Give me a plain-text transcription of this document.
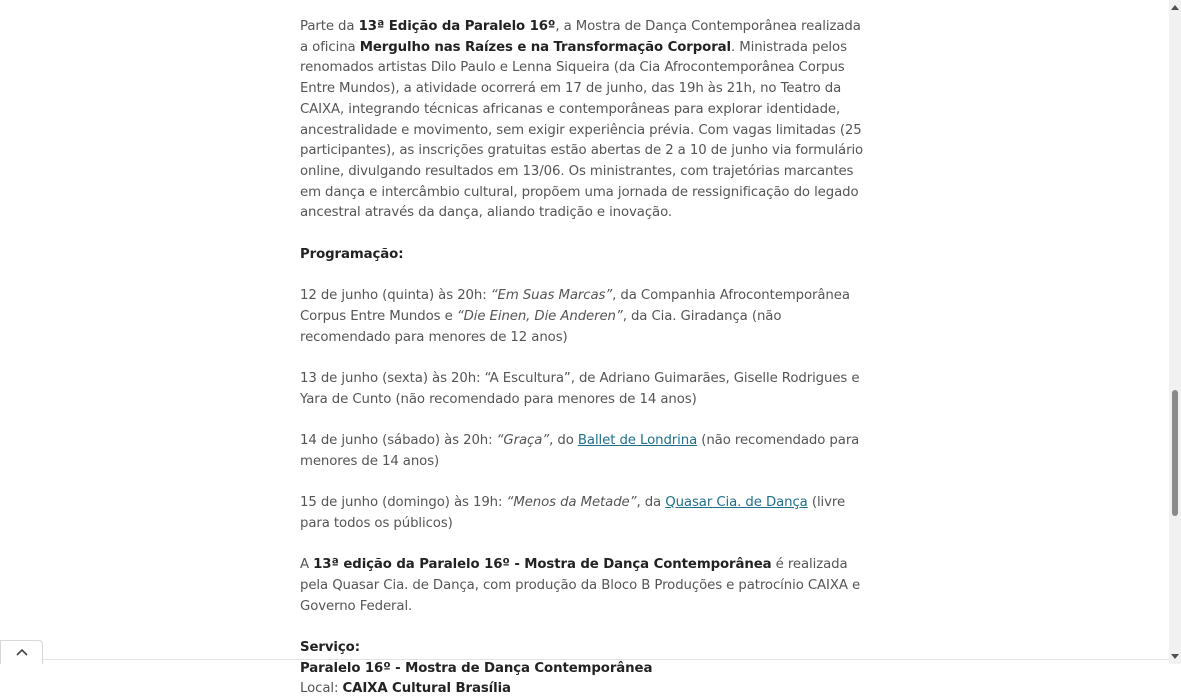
Parte da 13ª Edição da Paralelo 16º, a Mostra de Dança Contemporânea realizada a oficina Mergulho nas Raízes e na Transformação Corporal. Ministrada pelos renomados artistas Dilo Paulo e Lenna Siqueira (da Cia Afrocontemporânea Corpus Entre Mundos), a atividade ocorrerá em 17 de junho, das 19h às 21h, no Teatro da CAIXA, integrando técnicas africanas e contemporâneas para explorar identidade, ancestralidade e movimento, sem exigir experiência prévia. Com vagas limitadas (25 participantes), as inscrições gratuitas estão abertas de 2 a 10 de junho via formulário online, divulgando resultados em 13/06. Os ministrantes, com trajetórias marcantes em dança e intercâmbio cultural, propõem uma jornada de ressignificação do legado ancestral através da dança, aliando tradição e inovação.

Programação:

12 de junho (quinta) às 20h: “Em Suas Marcas”, da Companhia Afrocontemporânea Corpus Entre Mundos e “Die Einen, Die Anderen”, da Cia. Giradança (não recomendado para menores de 12 anos)

13 de junho (sexta) às 20h: “A Escultura”, de Adriano Guimarães, Giselle Rodrigues e Yara de Cunto (não recomendado para menores de 14 anos)

14 de junho (sábado) às 20h: “Graça”, do Ballet de Londrina (não recomendado para menores de 14 anos)

15 de junho (domingo) às 19h: “Menos da Metade”, da Quasar Cia. de Dança (livre para todos os públicos)

A 13ª edição da Paralelo 16º - Mostra de Dança Contemporânea é realizada pela Quasar Cia. de Dança, com produção da Bloco B Produções e patrocínio CAIXA e Governo Federal.

Serviço:

Paralelo 16º - Mostra de Dança Contemporânea

Local: CAIXA Cultural Brasília
